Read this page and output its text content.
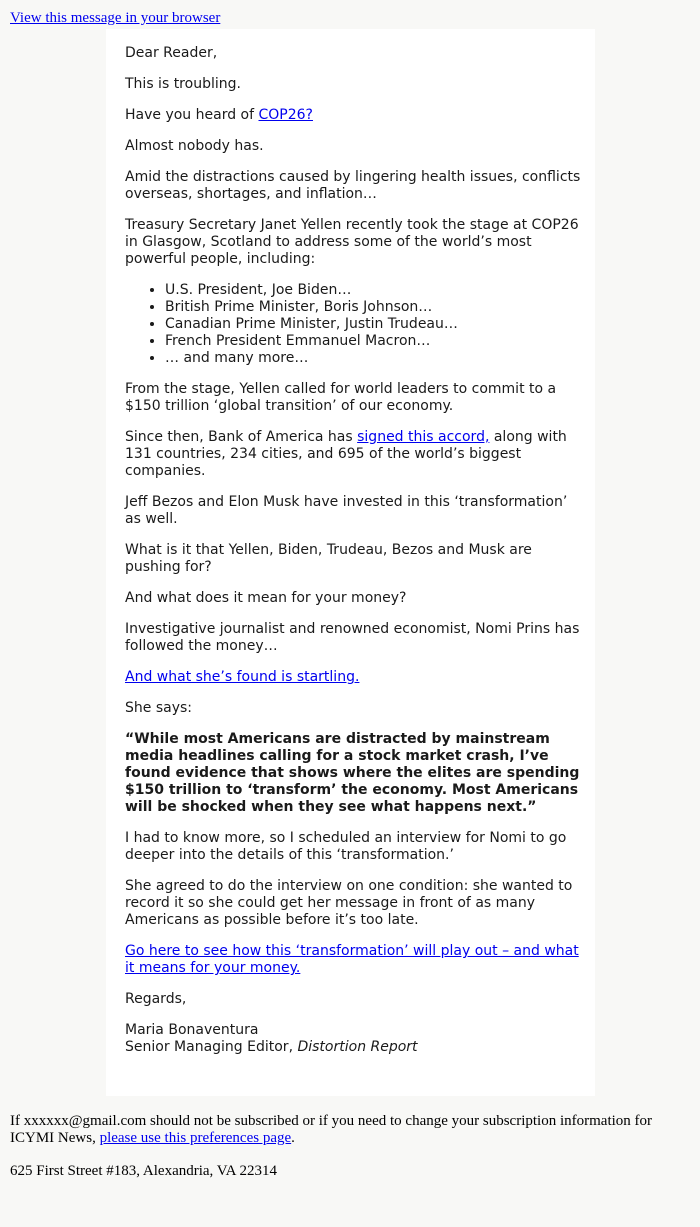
View this message in your browser

Dear Reader,

This is troubling.

Have you heard of COP26?

Almost nobody has.

Amid the distractions caused by lingering health issues, conflicts overseas, shortages, and inflation…

Treasury Secretary Janet Yellen recently took the stage at COP26 in Glasgow, Scotland to address some of the world’s most powerful people, including:

• U.S. President, Joe Biden…
• British Prime Minister, Boris Johnson…
• Canadian Prime Minister, Justin Trudeau…
• French President Emmanuel Macron…
• … and many more…

From the stage, Yellen called for world leaders to commit to a $150 trillion ‘global transition’ of our economy.

Since then, Bank of America has signed this accord, along with 131 countries, 234 cities, and 695 of the world’s biggest companies.

Jeff Bezos and Elon Musk have invested in this ‘transformation’ as well.

What is it that Yellen, Biden, Trudeau, Bezos and Musk are pushing for?

And what does it mean for your money?

Investigative journalist and renowned economist, Nomi Prins has followed the money…

And what she’s found is startling.

She says:

“While most Americans are distracted by mainstream media headlines calling for a stock market crash, I’ve found evidence that shows where the elites are spending $150 trillion to ‘transform’ the economy. Most Americans will be shocked when they see what happens next.”

I had to know more, so I scheduled an interview for Nomi to go deeper into the details of this ‘transformation.’

She agreed to do the interview on one condition: she wanted to record it so she could get her message in front of as many Americans as possible before it’s too late.

Go here to see how this ‘transformation’ will play out – and what it means for your money.

Regards,

Maria Bonaventura
Senior Managing Editor, Distortion Report

If xxxxxx@gmail.com should not be subscribed or if you need to change your subscription information for ICYMI News, please use this preferences page.

625 First Street #183, Alexandria, VA 22314
